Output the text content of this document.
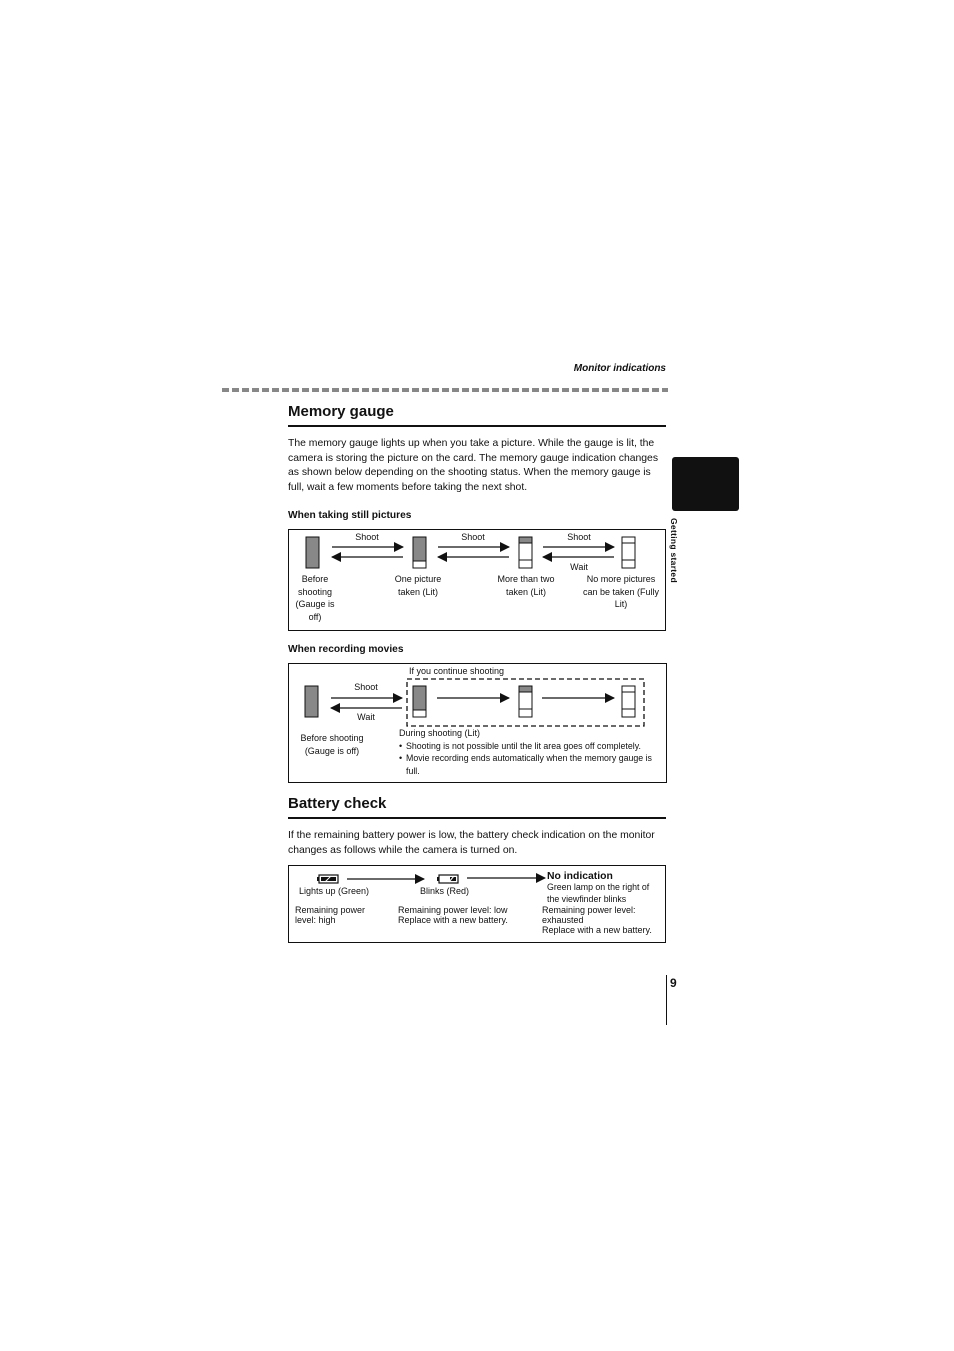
Monitor indications
Getting started
Memory gauge
The memory gauge lights up when you take a picture. While the gauge is lit, the camera is storing the picture on the card. The memory gauge indication changes as shown below depending on the shooting status. When the memory gauge is full, wait a few moments before taking the next shot.
When taking still pictures
Shoot	Shoot	Shoot
Wait
Before shooting (Gauge is off)
One picture taken (Lit)
More than two taken (Lit)
No more pictures can be taken (Fully Lit)
When recording movies
If you continue shooting
Shoot
Wait
Before shooting
(Gauge is off)
During shooting (Lit)
• Shooting is not possible until the lit area goes off completely.
• Movie recording ends automatically when the memory gauge is full.
Battery check
If the remaining battery power is low, the battery check indication on the monitor changes as follows while the camera is turned on.
Lights up (Green)	Blinks (Red)
No indication
Green lamp on the right of
the viewfinder blinks
Remaining power
level: high
Remaining power level: low
Replace with a new battery.
Remaining power level:
exhausted
Replace with a new battery.
9
